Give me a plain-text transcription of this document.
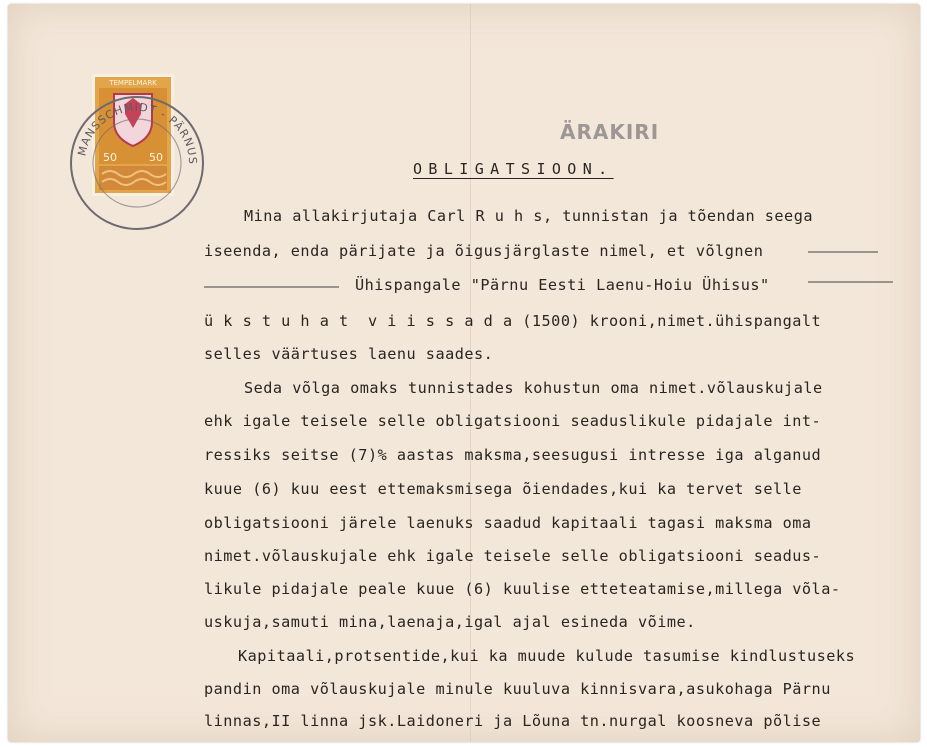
TEMPELMARK
50	50
MANSSCHMIDT - PÄRNUS
ÄRAKIRI
OBLIGATSIOON.
Mina allakirjutaja Carl R u h s, tunnistan ja tõendan seega
iseenda, enda pärijate ja õigusjärglaste nimel, et võlgnen
Ühispangale "Pärnu Eesti Laenu-Hoiu Ühisus"
ü k s t u h a t  v i i s s a d a (1500) krooni,nimet.ühispangalt
selles väärtuses laenu saades.
Seda võlga omaks tunnistades kohustun oma nimet.võlauskujale
ehk igale teisele selle obligatsiooni seaduslikule pidajale int-
ressiks seitse (7)% aastas maksma,seesugusi intresse iga alganud
kuue (6) kuu eest ettemaksmisega õiendades,kui ka tervet selle
obligatsiooni järele laenuks saadud kapitaali tagasi maksma oma
nimet.võlauskujale ehk igale teisele selle obligatsiooni seadus-
likule pidajale peale kuue (6) kuulise etteteatamise,millega võla-
uskuja,samuti mina,laenaja,igal ajal esineda võime.
Kapitaali,protsentide,kui ka muude kulude tasumise kindlustuseks
pandin oma võlauskujale minule kuuluva kinnisvara,asukohaga Pärnu
linnas,II linna jsk.Laidoneri ja Lõuna tn.nurgal koosneva põlise
